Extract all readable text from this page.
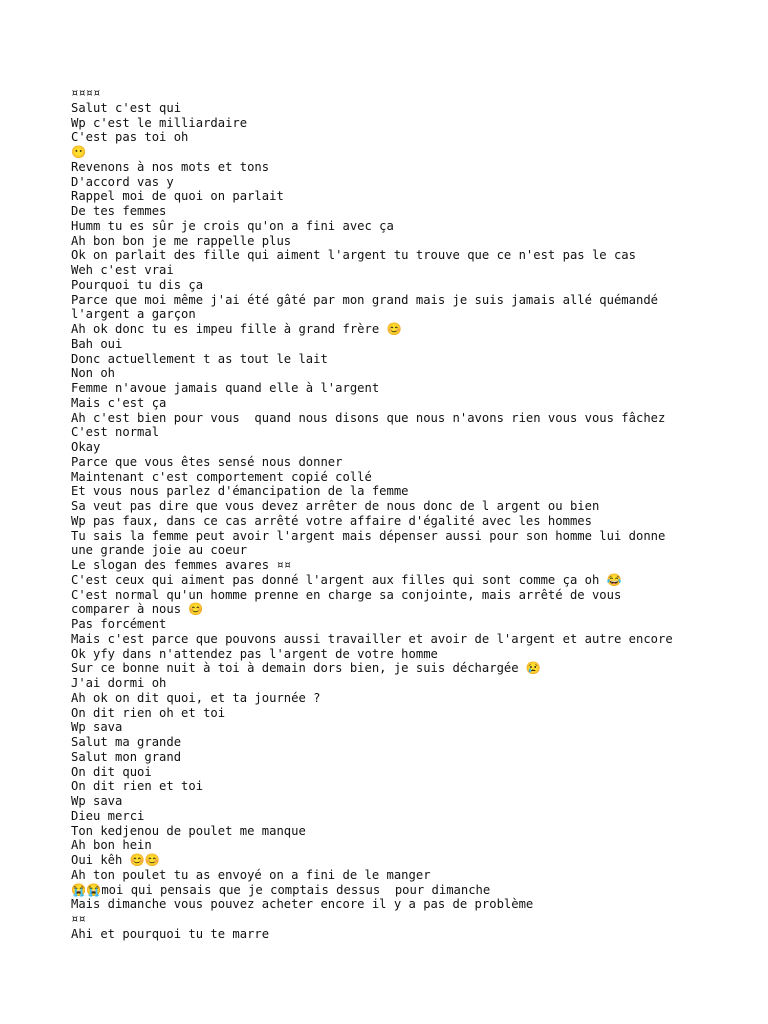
¤¤¤¤
Salut c'est qui
Wp c'est le milliardaire
C'est pas toi oh
😶
Revenons à nos mots et tons
D'accord vas y
Rappel moi de quoi on parlait
De tes femmes
Humm tu es sûr je crois qu'on a fini avec ça
Ah bon bon je me rappelle plus
Ok on parlait des fille qui aiment l'argent tu trouve que ce n'est pas le cas
Weh c'est vrai
Pourquoi tu dis ça
Parce que moi même j'ai été gâté par mon grand mais je suis jamais allé quémandé
l'argent a garçon
Ah ok donc tu es impeu fille à grand frère 😊
Bah oui
Donc actuellement t as tout le lait
Non oh
Femme n'avoue jamais quand elle à l'argent
Mais c'est ça
Ah c'est bien pour vous  quand nous disons que nous n'avons rien vous vous fâchez
C'est normal
Okay
Parce que vous êtes sensé nous donner
Maintenant c'est comportement copié collé
Et vous nous parlez d'émancipation de la femme
Sa veut pas dire que vous devez arrêter de nous donc de l argent ou bien
Wp pas faux, dans ce cas arrêté votre affaire d'égalité avec les hommes
Tu sais la femme peut avoir l'argent mais dépenser aussi pour son homme lui donne
une grande joie au coeur
Le slogan des femmes avares ¤¤
C'est ceux qui aiment pas donné l'argent aux filles qui sont comme ça oh 😂
C'est normal qu'un homme prenne en charge sa conjointe, mais arrêté de vous
comparer à nous 😊
Pas forcément
Mais c'est parce que pouvons aussi travailler et avoir de l'argent et autre encore
Ok yfy dans n'attendez pas l'argent de votre homme
Sur ce bonne nuit à toi à demain dors bien, je suis déchargée 😢
J'ai dormi oh
Ah ok on dit quoi, et ta journée ?
On dit rien oh et toi
Wp sava
Salut ma grande
Salut mon grand
On dit quoi
On dit rien et toi
Wp sava
Dieu merci
Ton kedjenou de poulet me manque
Ah bon hein
Oui kêh 😊😊
Ah ton poulet tu as envoyé on a fini de le manger
😭😭moi qui pensais que je comptais dessus  pour dimanche
Mais dimanche vous pouvez acheter encore il y a pas de problème
¤¤
Ahi et pourquoi tu te marre
